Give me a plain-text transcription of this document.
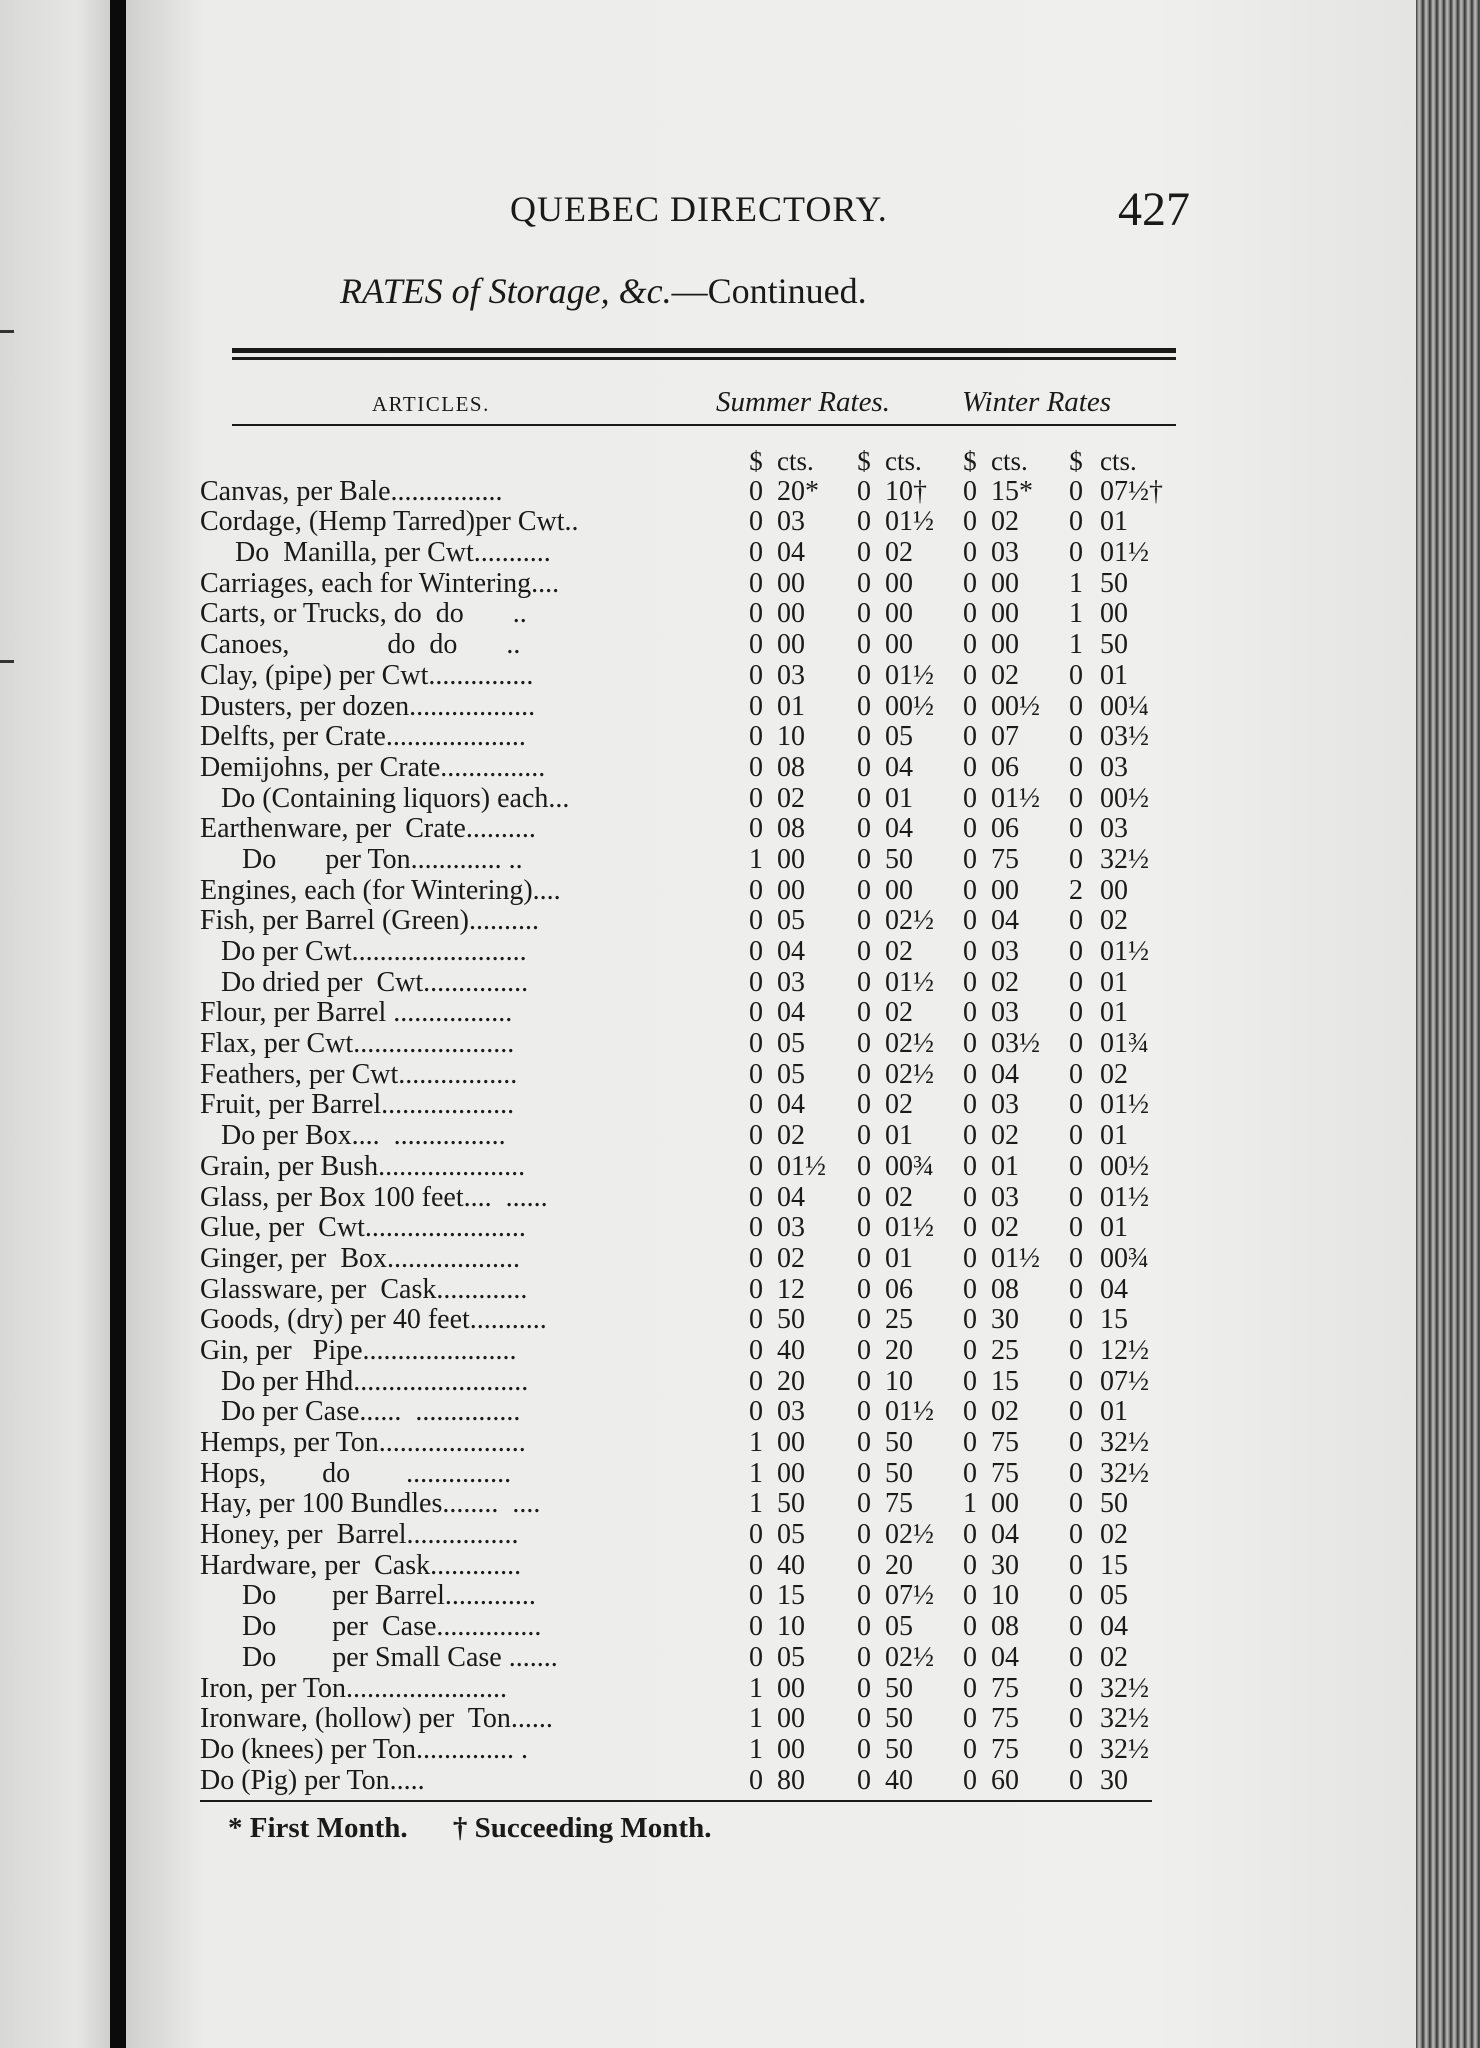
QUEBEC DIRECTORY.	427
RATES of Storage, &c.—Continued.
ARTICLES.	Summer Rates. Winter Rates
$ cts.	$ cts.	$ cts.	$ cts.
Canvas, per Bale................	0 20*	0 10†	0 15*	0 07½†
Cordage, (Hemp Tarred)per Cwt..	0 03	0 01½	0 02	0 01
Do  Manilla, per Cwt...........	0 04	0 02	0 03	0 01½
Carriages, each for Wintering....	0 00	0 00	0 00	1 50
Carts, or Trucks, do  do       ..	0 00	0 00	0 00	1 00
Canoes,              do  do       ..	0 00	0 00	0 00	1 50
Clay, (pipe) per Cwt...............	0 03	0 01½	0 02	0 01
Dusters, per dozen..................	0 01	0 00½	0 00½	0 00¼
Delfts, per Crate....................	0 10	0 05	0 07	0 03½
Demijohns, per Crate...............	0 08	0 04	0 06	0 03
Do (Containing liquors) each...	0 02	0 01	0 01½	0 00½
Earthenware, per  Crate..........	0 08	0 04	0 06	0 03
Do       per Ton............. ..	1 00	0 50	0 75	0 32½
Engines, each (for Wintering)....	0 00	0 00	0 00	2 00
Fish, per Barrel (Green)..........	0 05	0 02½	0 04	0 02
Do per Cwt.........................	0 04	0 02	0 03	0 01½
Do dried per  Cwt...............	0 03	0 01½	0 02	0 01
Flour, per Barrel .................	0 04	0 02	0 03	0 01
Flax, per Cwt.......................	0 05	0 02½	0 03½	0 01¾
Feathers, per Cwt.................	0 05	0 02½	0 04	0 02
Fruit, per Barrel...................	0 04	0 02	0 03	0 01½
Do per Box....  ................	0 02	0 01	0 02	0 01
Grain, per Bush.....................	0 01½	0 00¾	0 01	0 00½
Glass, per Box 100 feet....  ......	0 04	0 02	0 03	0 01½
Glue, per  Cwt.......................	0 03	0 01½	0 02	0 01
Ginger, per  Box...................	0 02	0 01	0 01½	0 00¾
Glassware, per  Cask.............	0 12	0 06	0 08	0 04
Goods, (dry) per 40 feet...........	0 50	0 25	0 30	0 15
Gin, per   Pipe......................	0 40	0 20	0 25	0 12½
Do per Hhd.........................	0 20	0 10	0 15	0 07½
Do per Case......  ...............	0 03	0 01½	0 02	0 01
Hemps, per Ton.....................	1 00	0 50	0 75	0 32½
Hops,        do        ...............	1 00	0 50	0 75	0 32½
Hay, per 100 Bundles........  ....	1 50	0 75	1 00	0 50
Honey, per  Barrel................	0 05	0 02½	0 04	0 02
Hardware, per  Cask.............	0 40	0 20	0 30	0 15
Do        per Barrel.............	0 15	0 07½	0 10	0 05
Do        per  Case...............	0 10	0 05	0 08	0 04
Do        per Small Case .......	0 05	0 02½	0 04	0 02
Iron, per Ton.......................	1 00	0 50	0 75	0 32½
Ironware, (hollow) per  Ton......	1 00	0 50	0 75	0 32½
Do (knees) per Ton.............. .	1 00	0 50	0 75	0 32½
Do (Pig) per Ton.....	0 80	0 40	0 60	0 30
* First Month. † Succeeding Month.
